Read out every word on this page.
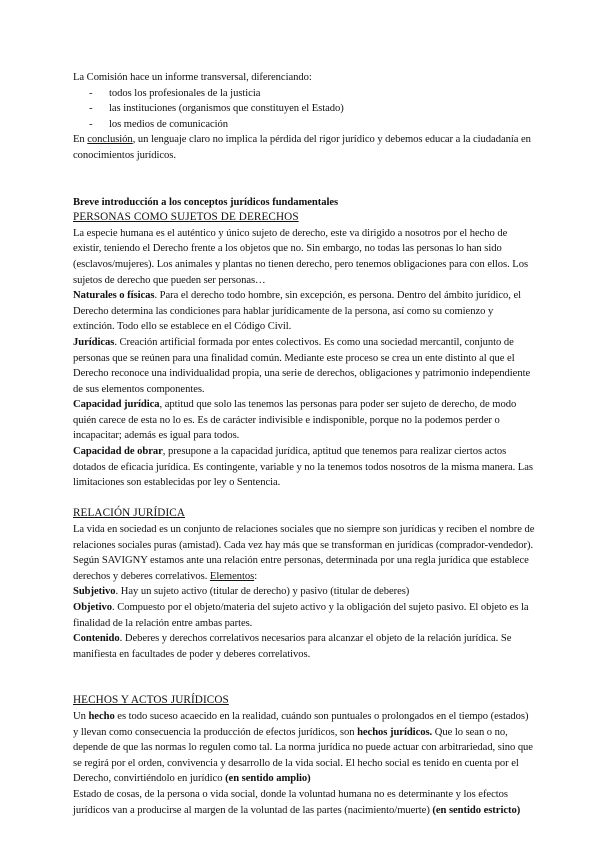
La Comisión hace un informe transversal, diferenciando:

- todos los profesionales de la justicia
- las instituciones (organismos que constituyen el Estado)
- los medios de comunicación

En conclusión, un lenguaje claro no implica la pérdida del rigor jurídico y debemos educar a la ciudadanía en conocimientos jurídicos.

Breve introducción a los conceptos jurídicos fundamentales

PERSONAS COMO SUJETOS DE DERECHOS

La especie humana es el auténtico y único sujeto de derecho, este va dirigido a nosotros por el hecho de existir, teniendo el Derecho frente a los objetos que no. Sin embargo, no todas las personas lo han sido (esclavos/mujeres). Los animales y plantas no tienen derecho, pero tenemos obligaciones para con ellos. Los sujetos de derecho que pueden ser personas…

Naturales o físicas. Para el derecho todo hombre, sin excepción, es persona. Dentro del ámbito jurídico, el Derecho determina las condiciones para hablar jurídicamente de la persona, así como su comienzo y extinción. Todo ello se establece en el Código Civil.

Jurídicas. Creación artificial formada por entes colectivos. Es como una sociedad mercantil, conjunto de personas que se reúnen para una finalidad común. Mediante este proceso se crea un ente distinto al que el Derecho reconoce una individualidad propia, una serie de derechos, obligaciones y patrimonio independiente de sus elementos componentes.

Capacidad jurídica, aptitud que solo las tenemos las personas para poder ser sujeto de derecho, de modo quién carece de esta no lo es. Es de carácter indivisible e indisponible, porque no la podemos perder o incapacitar; además es igual para todos.

Capacidad de obrar, presupone a la capacidad jurídica, aptitud que tenemos para realizar ciertos actos dotados de eficacia jurídica. Es contingente, variable y no la tenemos todos nosotros de la misma manera. Las limitaciones son establecidas por ley o Sentencia.

RELACIÓN JURÍDICA

La vida en sociedad es un conjunto de relaciones sociales que no siempre son jurídicas y reciben el nombre de relaciones sociales puras (amistad). Cada vez hay más que se transforman en jurídicas (comprador-vendedor). Según SAVIGNY estamos ante una relación entre personas, determinada por una regla jurídica que establece derechos y deberes correlativos. Elementos:

Subjetivo. Hay un sujeto activo (titular de derecho) y pasivo (titular de deberes)

Objetivo. Compuesto por el objeto/materia del sujeto activo y la obligación del sujeto pasivo. El objeto es la finalidad de la relación entre ambas partes.

Contenido. Deberes y derechos correlativos necesarios para alcanzar el objeto de la relación jurídica. Se manifiesta en facultades de poder y deberes correlativos.

HECHOS Y ACTOS JURÍDICOS

Un hecho es todo suceso acaecido en la realidad, cuándo son puntuales o prolongados en el tiempo (estados) y llevan como consecuencia la producción de efectos jurídicos, son hechos jurídicos. Que lo sean o no, depende de que las normas lo regulen como tal. La norma jurídica no puede actuar con arbitrariedad, sino que se regirá por el orden, convivencia y desarrollo de la vida social. El hecho social es tenido en cuenta por el Derecho, convirtiéndolo en jurídico (en sentido amplio)

Estado de cosas, de la persona o vida social, donde la voluntad humana no es determinante y los efectos jurídicos van a producirse al margen de la voluntad de las partes (nacimiento/muerte) (en sentido estricto)
